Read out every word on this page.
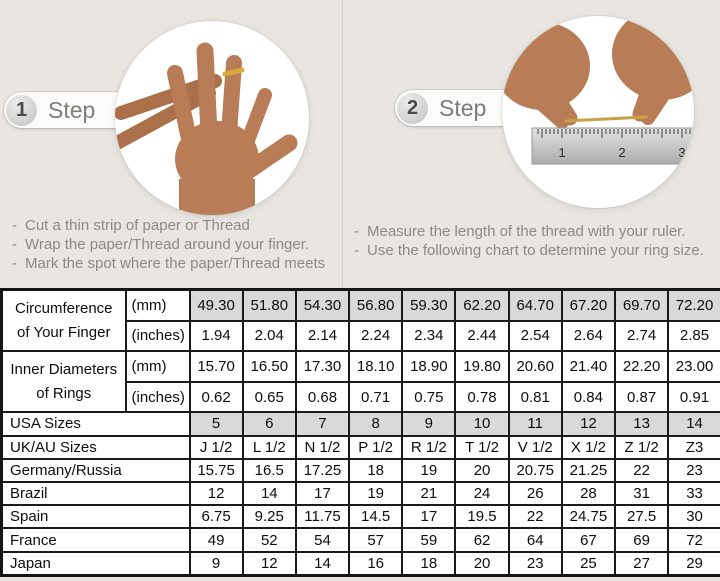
1 Step
- Cut a thin strip of paper or Thread
- Wrap the paper/Thread around your finger.
- Mark the spot where the paper/Thread meets
2 Step
1	2	3
- Measure the length of the thread with your ruler.
- Use the following chart to determine your ring size.
Circumference
of Your Finger	(mm)	49.30	51.80	54.30	56.80	59.30	62.20	64.70	67.20	69.70	72.20
	(inches)	1.94	2.04	2.14	2.24	2.34	2.44	2.54	2.64	2.74	2.85

Inner Diameters
of Rings	(mm)	15.70	16.50	17.30	18.10	18.90	19.80	20.60	21.40	22.20	23.00
	(inches)	0.62	0.65	0.68	0.71	0.75	0.78	0.81	0.84	0.87	0.91
USA Sizes		5	6	7	8	9	10	11	12	13	14
UK/AU Sizes		J 1/2	L 1/2	N 1/2	P 1/2	R 1/2	T 1/2	V 1/2	X 1/2	Z 1/2	Z3
Germany/Russia		15.75	16.5	17.25	18	19	20	20.75	21.25	22	23
Brazil		12	14	17	19	21	24	26	28	31	33
Spain		6.75	9.25	11.75	14.5	17	19.5	22	24.75	27.5	30
France		49	52	54	57	59	62	64	67	69	72
Japan		9	12	14	16	18	20	23	25	27	29
